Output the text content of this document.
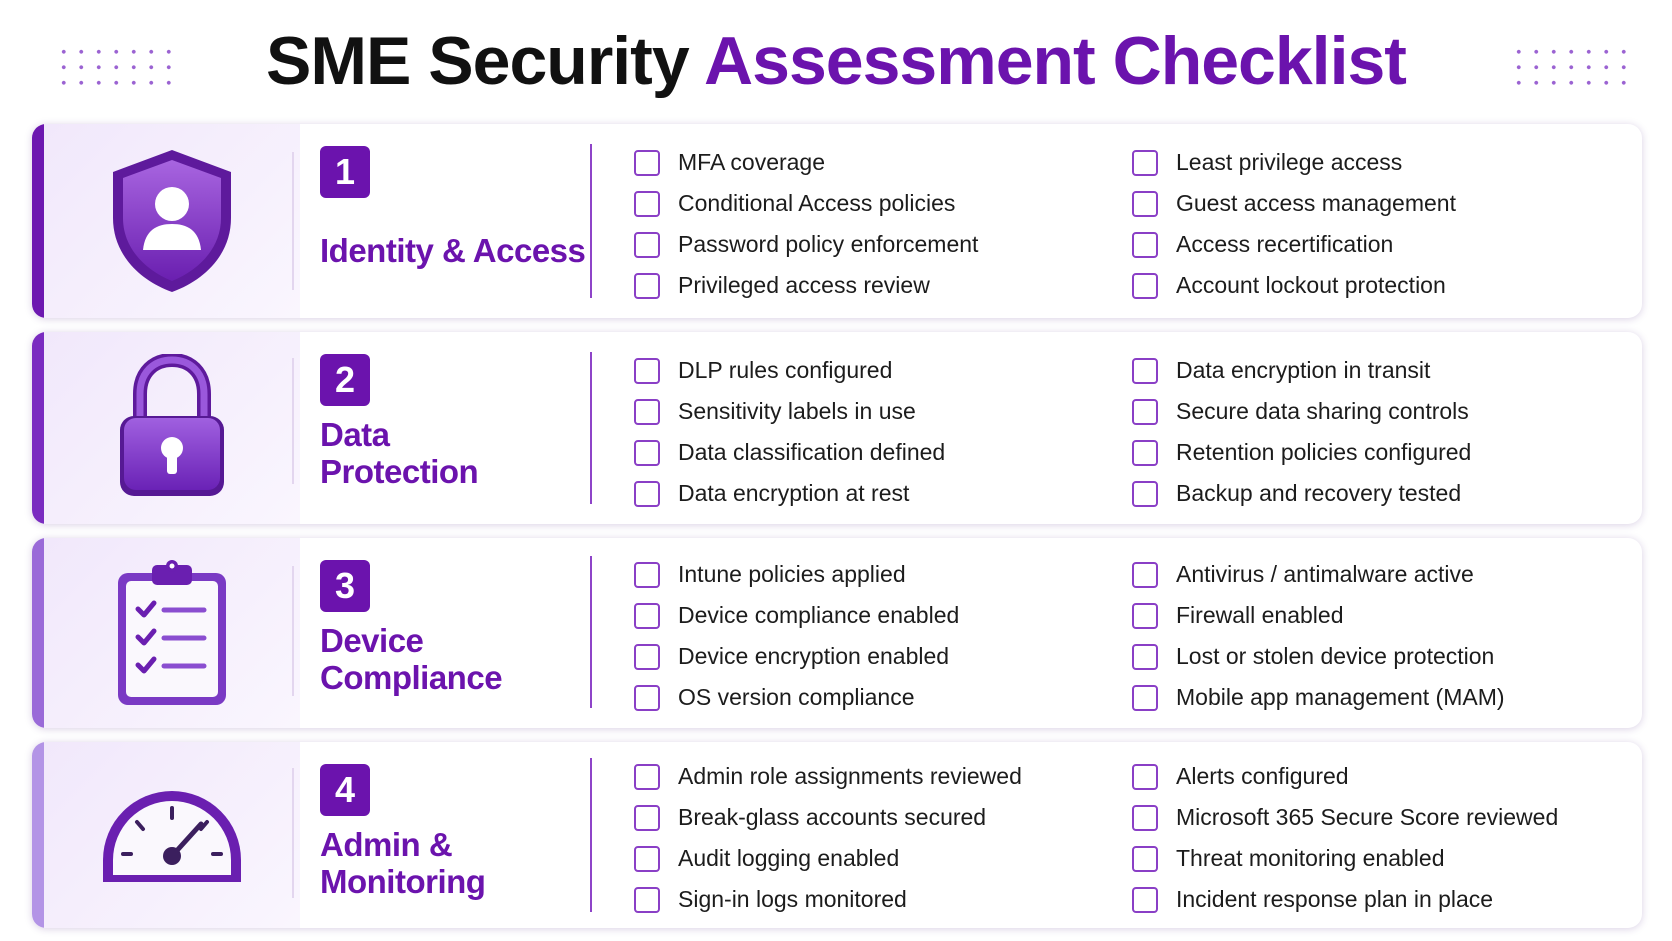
SME Security Assessment Checklist
1
Identity & Access
MFA coverage
Conditional Access policies
Password policy enforcement
Privileged access review
Least privilege access
Guest access management
Access recertification
Account lockout protection
2
Data Protection
DLP rules configured
Sensitivity labels in use
Data classification defined
Data encryption at rest
Data encryption in transit
Secure data sharing controls
Retention policies configured
Backup and recovery tested
3
Device Compliance
Intune policies applied
Device compliance enabled
Device encryption enabled
OS version compliance
Antivirus / antimalware active
Firewall enabled
Lost or stolen device protection
Mobile app management (MAM)
4
Admin & Monitoring
Admin role assignments reviewed
Break-glass accounts secured
Audit logging enabled
Sign-in logs monitored
Alerts configured
Microsoft 365 Secure Score reviewed
Threat monitoring enabled
Incident response plan in place
